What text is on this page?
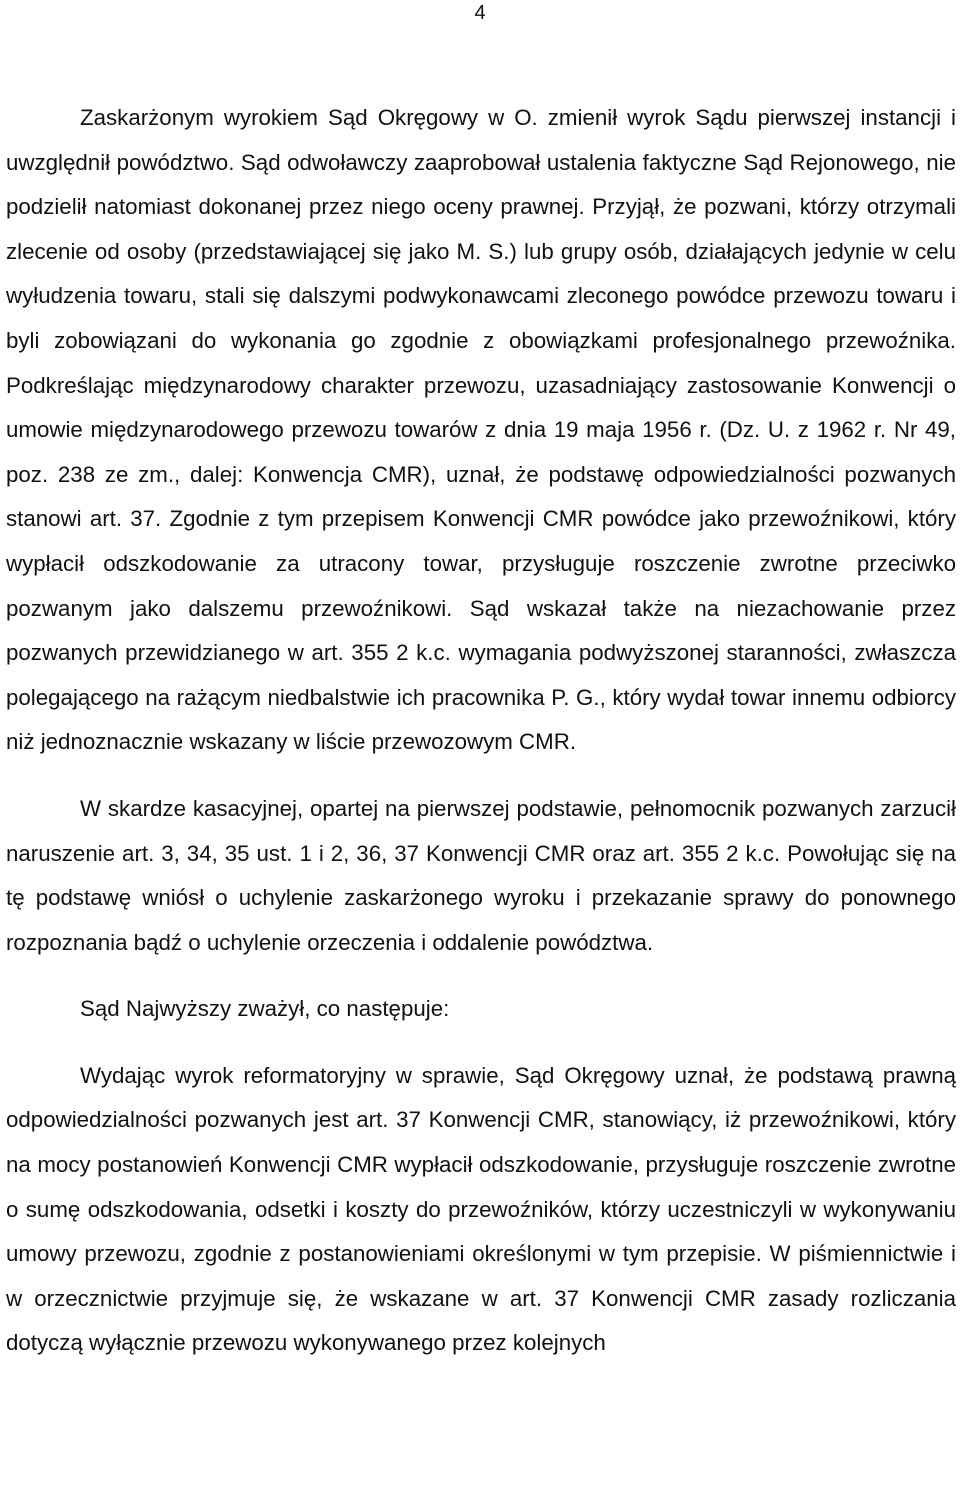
4

Zaskarżonym wyrokiem Sąd Okręgowy w O. zmienił wyrok Sądu pierwszej instancji i uwzględnił powództwo. Sąd odwoławczy zaaprobował ustalenia faktyczne Sąd Rejonowego, nie podzielił natomiast dokonanej przez niego oceny prawnej. Przyjął, że pozwani, którzy otrzymali zlecenie od osoby (przedstawiającej się jako M. S.) lub grupy osób, działających jedynie w celu wyłudzenia towaru, stali się dalszymi podwykonawcami zleconego powódce przewozu towaru i byli zobowiązani do wykonania go zgodnie z obowiązkami profesjonalnego przewoźnika. Podkreślając międzynarodowy charakter przewozu, uzasadniający zastosowanie Konwencji o umowie międzynarodowego przewozu towarów z dnia 19 maja 1956 r. (Dz. U. z 1962 r. Nr 49, poz. 238 ze zm., dalej: Konwencja CMR), uznał, że podstawę odpowiedzialności pozwanych stanowi art. 37. Zgodnie z tym przepisem Konwencji CMR powódce jako przewoźnikowi, który wypłacił odszkodowanie za utracony towar, przysługuje roszczenie zwrotne przeciwko pozwanym jako dalszemu przewoźnikowi. Sąd wskazał także na niezachowanie przez pozwanych przewidzianego w art. 355 2 k.c. wymagania podwyższonej staranności, zwłaszcza polegającego na rażącym niedbalstwie ich pracownika P. G., który wydał towar innemu odbiorcy niż jednoznacznie wskazany w liście przewozowym CMR.

W skardze kasacyjnej, opartej na pierwszej podstawie, pełnomocnik pozwanych zarzucił naruszenie art. 3, 34, 35 ust. 1 i 2, 36, 37 Konwencji CMR oraz art. 355 2 k.c. Powołując się na tę podstawę wniósł o uchylenie zaskarżonego wyroku i przekazanie sprawy do ponownego rozpoznania bądź o uchylenie orzeczenia i oddalenie powództwa.

Sąd Najwyższy zważył, co następuje:

Wydając wyrok reformatoryjny w sprawie, Sąd Okręgowy uznał, że podstawą prawną odpowiedzialności pozwanych jest art. 37 Konwencji CMR, stanowiący, iż przewoźnikowi, który na mocy postanowień Konwencji CMR wypłacił odszkodowanie, przysługuje roszczenie zwrotne o sumę odszkodowania, odsetki i koszty do przewoźników, którzy uczestniczyli w wykonywaniu umowy przewozu, zgodnie z postanowieniami określonymi w tym przepisie. W piśmiennictwie i w orzecznictwie przyjmuje się, że wskazane w art. 37 Konwencji CMR zasady rozliczania dotyczą wyłącznie przewozu wykonywanego przez kolejnych
